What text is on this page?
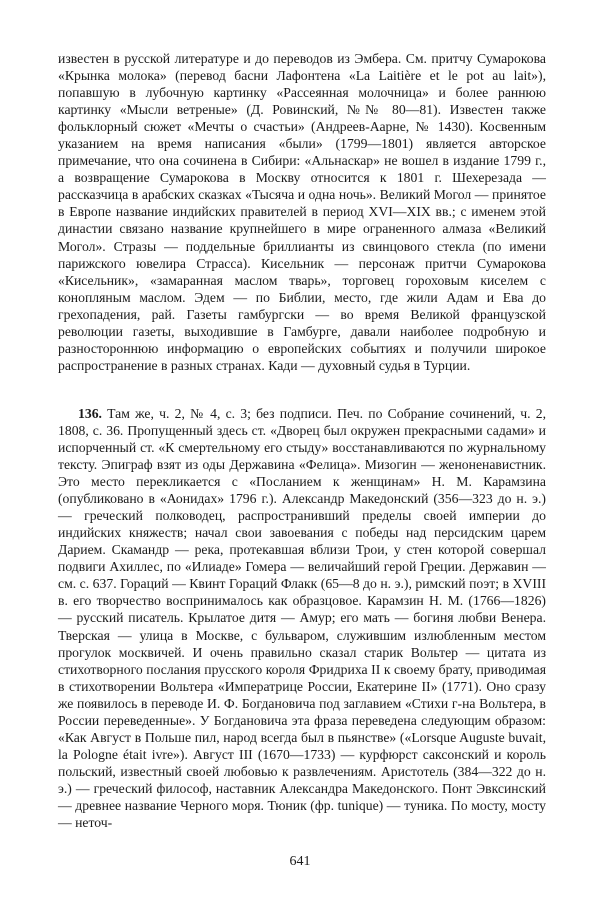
известен в русской литературе и до переводов из Эмбера. См. притчу Сумарокова «Крынка молока» (перевод басни Лафонтена «La Laitière et le pot au lait»), попавшую в лубочную картинку «Рассеянная молочница» и более раннюю картинку «Мысли ветреные» (Д. Ровинский, №№ 80—81). Известен также фольклорный сюжет «Мечты о счастьи» (Андреев-Аарне, № 1430). Косвенным указанием на время написания «были» (1799—1801) является авторское примечание, что она сочинена в Сибири: «Альнаскар» не вошел в издание 1799 г., а возвращение Сумарокова в Москву относится к 1801 г. Шехерезада — рассказчица в арабских сказках «Тысяча и одна ночь». Великий Могол — принятое в Европе название индийских правителей в период XVI—XIX вв.; с именем этой династии связано название крупнейшего в мире ограненного алмаза «Великий Могол». Стразы — поддельные бриллианты из свинцового стекла (по имени парижского ювелира Страсса). Кисельник — персонаж притчи Сумарокова «Кисельник», «замаранная маслом тварь», торговец гороховым киселем с конопляным маслом. Эдем — по Библии, место, где жили Адам и Ева до грехопадения, рай. Газеты гамбургски — во время Великой французской революции газеты, выходившие в Гамбурге, давали наиболее подробную и разностороннюю информацию о европейских событиях и получили широкое распространение в разных странах. Кади — духовный судья в Турции.

136. Там же, ч. 2, № 4, с. 3; без подписи. Печ. по Собрание сочинений, ч. 2, 1808, с. 36. Пропущенный здесь ст. «Дворец был окружен прекрасными садами» и испорченный ст. «К смертельному его стыду» восстанавливаются по журнальному тексту. Эпиграф взят из оды Державина «Фелица». Мизогин — женоненавистник. Это место перекликается с «Посланием к женщинам» Н. М. Карамзина (опубликовано в «Аонидах» 1796 г.). Александр Македонский (356—323 до н. э.) — греческий полководец, распространивший пределы своей империи до индийских княжеств; начал свои завоевания с победы над персидским царем Дарием. Скамандр — река, протекавшая вблизи Трои, у стен которой совершал подвиги Ахиллес, по «Илиаде» Гомера — величайший герой Греции. Державин — см. с. 637. Гораций — Квинт Гораций Флакк (65—8 до н. э.), римский поэт; в XVIII в. его творчество воспринималось как образцовое. Карамзин Н. М. (1766—1826) — русский писатель. Крылатое дитя — Амур; его мать — богиня любви Венера. Тверская — улица в Москве, с бульваром, служившим излюбленным местом прогулок москвичей. И очень правильно сказал старик Вольтер — цитата из стихотворного послания прусского короля Фридриха II к своему брату, приводимая в стихотворении Вольтера «Императрице России, Екатерине II» (1771). Оно сразу же появилось в переводе И. Ф. Богдановича под заглавием «Стихи г-на Вольтера, в России переведенные». У Богдановича эта фраза переведена следующим образом: «Как Август в Польше пил, народ всегда был в пьянстве» («Lorsque Auguste buvait, la Pologne était ivre»). Август III (1670—1733) — курфюрст саксонский и король польский, известный своей любовью к развлечениям. Аристотель (384—322 до н. э.) — греческий философ, наставник Александра Македонского. Понт Эвксинский — древнее название Черного моря. Тюник (фр. tunique) — туника. По мосту, мосту — неточ-

641
